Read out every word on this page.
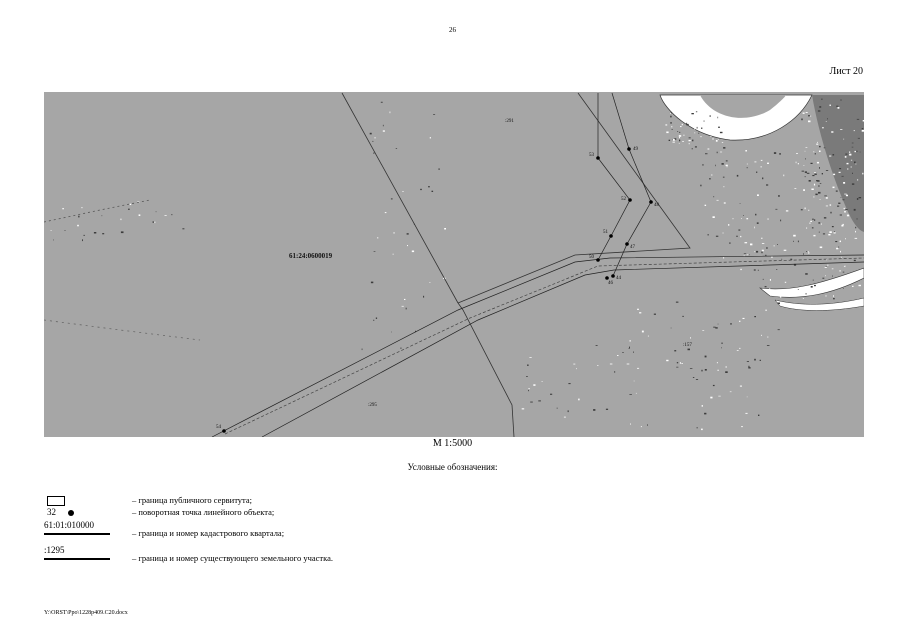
26
Лист 20
53
49
52
48
51
47
50
44
46
54
61:24:0600019
:291
:157
:295
М 1:5000
Условные обозначения:
– граница публичного сервитута;
32	– поворотная точка линейного объекта;
61:01:010000
– граница и номер кадастрового квартала;
:1295
– граница и номер существующего земельного участка.
Y:\ORST\Ppo\1228p409.C20.docx
